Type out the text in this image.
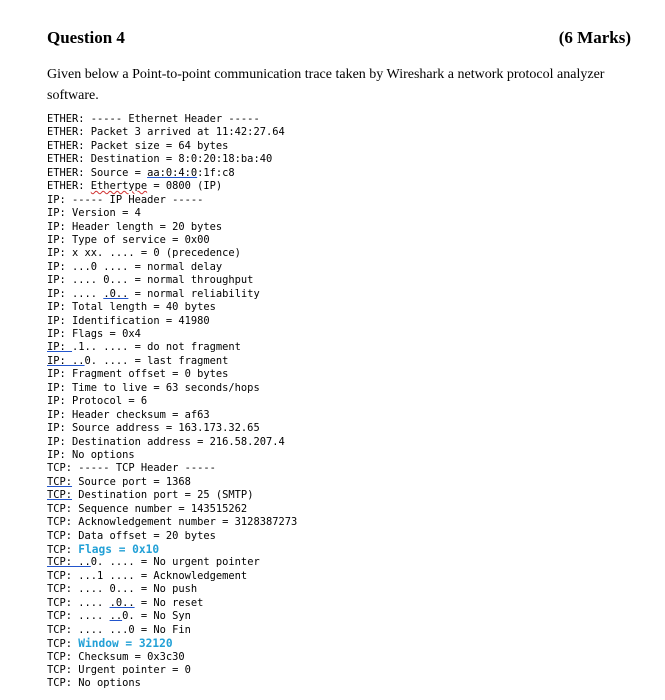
Question 4	(6 Marks)
Given below a Point-to-point communication trace taken by Wireshark a network protocol analyzer software.
ETHER: ----- Ethernet Header -----
ETHER: Packet 3 arrived at 11:42:27.64
ETHER: Packet size = 64 bytes
ETHER: Destination = 8:0:20:18:ba:40
ETHER: Source = aa:0:4:0:1f:c8
ETHER: Ethertype = 0800 (IP)
IP: ----- IP Header -----
IP: Version = 4
IP: Header length = 20 bytes
IP: Type of service = 0x00
IP: x xx. .... = 0 (precedence)
IP: ...0 .... = normal delay
IP: .... 0... = normal throughput
IP: .... .0.. = normal reliability
IP: Total length = 40 bytes
IP: Identification = 41980
IP: Flags = 0x4
IP: .1.. .... = do not fragment
IP: ..0. .... = last fragment
IP: Fragment offset = 0 bytes
IP: Time to live = 63 seconds/hops
IP: Protocol = 6
IP: Header checksum = af63
IP: Source address = 163.173.32.65
IP: Destination address = 216.58.207.4
IP: No options
TCP: ----- TCP Header -----
TCP: Source port = 1368
TCP: Destination port = 25 (SMTP)
TCP: Sequence number = 143515262
TCP: Acknowledgement number = 3128387273
TCP: Data offset = 20 bytes
TCP: Flags = 0x10
TCP: ..0. .... = No urgent pointer
TCP: ...1 .... = Acknowledgement
TCP: .... 0... = No push
TCP: .... .0.. = No reset
TCP: .... ..0. = No Syn
TCP: .... ...0 = No Fin
TCP: Window = 32120
TCP: Checksum = 0x3c30
TCP: Urgent pointer = 0
TCP: No options
